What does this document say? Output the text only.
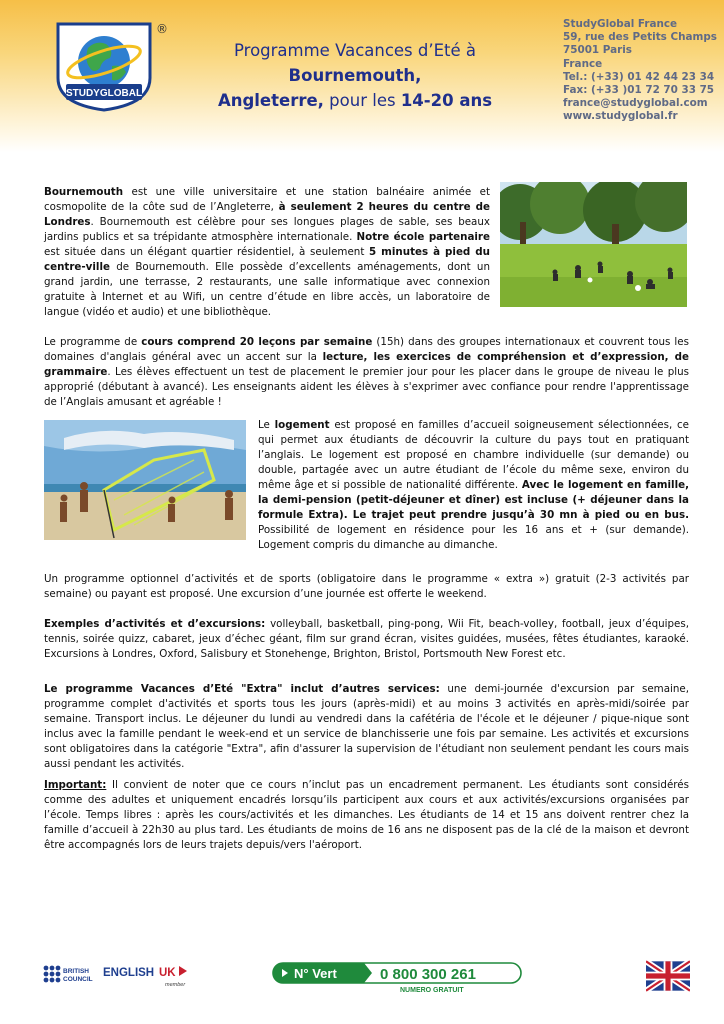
STUDYGLOBAL
®
Programme Vacances d’Eté à Bournemouth,
Angleterre, pour les 14-20 ans
StudyGlobal France
59, rue des Petits Champs
75001 Paris
France
Tel.: (+33) 01 42 44 23 34
Fax: (+33 )01 72 70 33 75
france@studyglobal.com
www.studyglobal.fr
Bournemouth est une ville universitaire et une station balnéaire animée et cosmopolite de la côte sud de l’Angleterre, à seulement 2 heures du centre de Londres. Bournemouth est célèbre pour ses longues plages de sable, ses beaux jardins publics et sa trépidante atmosphère internationale. Notre école partenaire est située dans un élégant quartier résidentiel, à seulement 5 minutes à pied du centre-ville de Bournemouth. Elle possède d’excellents aménagements, dont un grand jardin, une terrasse, 2 restaurants, une salle informatique avec connexion gratuite à Internet et au Wifi, un centre d’étude en libre accès, un laboratoire de langue (vidéo et audio) et une bibliothèque.
Le programme de cours comprend 20 leçons par semaine (15h) dans des groupes internationaux et couvrent tous les domaines d'anglais général avec un accent sur la lecture, les exercices de compréhension et d’expression, de grammaire. Les élèves effectuent un test de placement le premier jour pour les placer dans le groupe de niveau le plus approprié (débutant à avancé). Les enseignants aident les élèves à s'exprimer avec confiance pour rendre l'apprentissage de l’Anglais amusant et agréable !
Le logement est proposé en familles d’accueil soigneusement sélectionnées, ce qui permet aux étudiants de découvrir la culture du pays tout en pratiquant l’anglais. Le logement est proposé en chambre individuelle (sur demande) ou double, partagée avec un autre étudiant de l’école du même sexe, environ du même âge et si possible de nationalité différente. Avec le logement en famille, la demi-pension (petit-déjeuner et dîner) est incluse (+ déjeuner dans la formule Extra). Le trajet peut prendre jusqu’à 30 mn à pied ou en bus. Possibilité de logement en résidence pour les 16 ans et + (sur demande). Logement compris du dimanche au dimanche.
Un programme optionnel d’activités et de sports (obligatoire dans le programme « extra ») gratuit (2-3 activités par semaine) ou payant est proposé. Une excursion d’une journée est offerte le weekend.
Exemples d’activités et d’excursions: volleyball, basketball, ping-pong, Wii Fit, beach-volley, football, jeux d’équipes, tennis, soirée quizz, cabaret, jeux d’échec géant, film sur grand écran, visites guidées, musées, fêtes étudiantes, karaoké. Excursions à Londres, Oxford, Salisbury et Stonehenge, Brighton, Bristol, Portsmouth New Forest etc.
Le programme Vacances d’Eté "Extra" inclut d’autres services: une demi-journée d'excursion par semaine, programme complet d'activités et sports tous les jours (après-midi) et au moins 3 activités en après-midi/soirée par semaine. Transport inclus. Le déjeuner du lundi au vendredi dans la cafétéria de l'école et le déjeuner / pique-nique sont inclus avec la famille pendant le week-end et un service de blanchisserie une fois par semaine. Les activités et excursions sont obligatoires dans la catégorie "Extra", afin d'assurer la supervision de l'étudiant non seulement pendant les cours mais aussi pendant les activités.
Important: Il convient de noter que ce cours n’inclut pas un encadrement permanent. Les étudiants sont considérés comme des adultes et uniquement encadrés lorsqu’ils participent aux cours et aux activités/excursions organisées par l’école. Temps libres : après les cours/activités et les dimanches. Les étudiants de 14 et 15 ans doivent rentrer chez la famille d’accueil à 22h30 au plus tard. Les étudiants de moins de 16 ans ne disposent pas de la clé de la maison et devront être accompagnés lors de leurs trajets depuis/vers l'aéroport.
BRITISH
COUNCIL
ENGLISH UK
member
N° Vert	0 800 300 261
NUMERO GRATUIT
